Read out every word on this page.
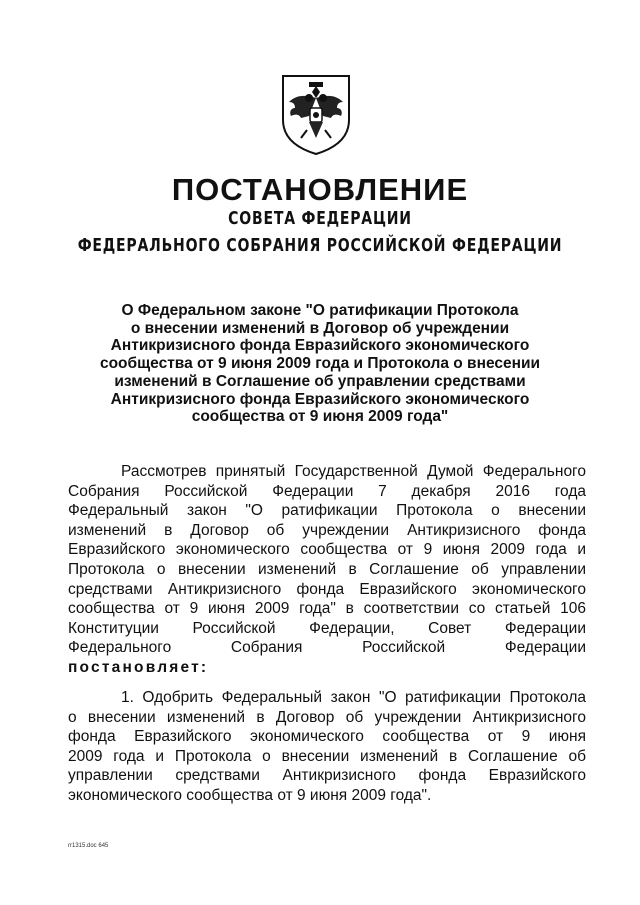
ПОСТАНОВЛЕНИЕ
СОВЕТА ФЕДЕРАЦИИ
ФЕДЕРАЛЬНОГО СОБРАНИЯ РОССИЙСКОЙ ФЕДЕРАЦИИ
О Федеральном законе "О ратификации Протокола
о внесении изменений в Договор об учреждении
Антикризисного фонда Евразийского экономического
сообщества от 9 июня 2009 года и Протокола о внесении
изменений в Соглашение об управлении средствами
Антикризисного фонда Евразийского экономического
сообщества от 9 июня 2009 года"
Рассмотрев принятый Государственной Думой Федерального
Собрания Российской Федерации 7 декабря 2016 года
Федеральный закон "О ратификации Протокола о внесении
изменений в Договор об учреждении Антикризисного фонда
Евразийского экономического сообщества от 9 июня 2009 года и
Протокола о внесении изменений в Соглашение об управлении
средствами Антикризисного фонда Евразийского экономического
сообщества от 9 июня 2009 года" в соответствии со статьей 106
Конституции Российской Федерации, Совет Федерации
Федерального Собрания Российской Федерации
постановляет:
1. Одобрить Федеральный закон "О ратификации Протокола
о внесении изменений в Договор об учреждении Антикризисного
фонда Евразийского экономического сообщества от 9 июня
2009 года и Протокола о внесении изменений в Соглашение об
управлении средствами Антикризисного фонда Евразийского
экономического сообщества от 9 июня 2009 года".
rr1315.doc 645
